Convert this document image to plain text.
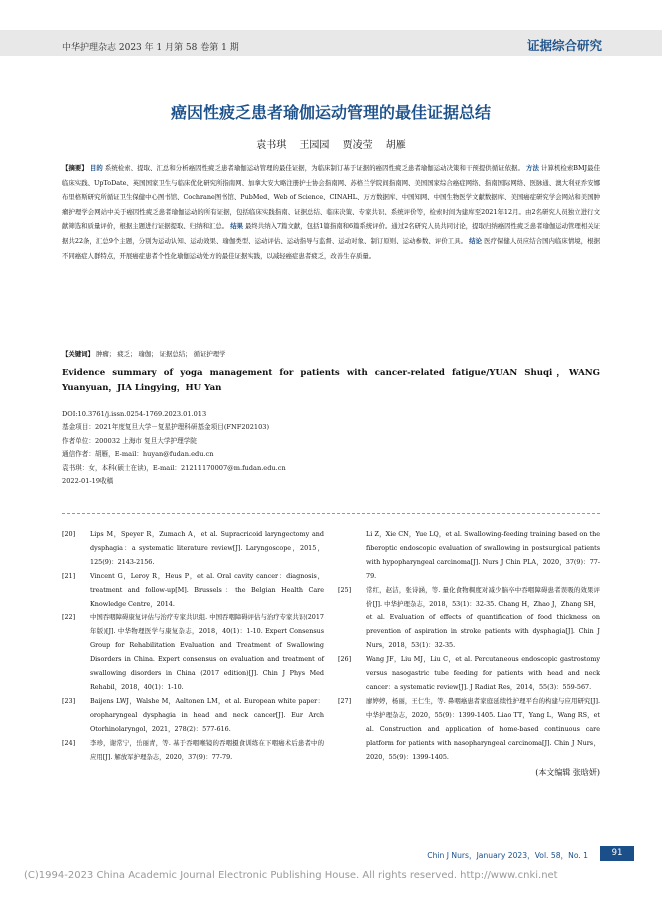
中华护理杂志 2023 年 1 月第 58 卷第 1 期	证据综合研究
癌因性疲乏患者瑜伽运动管理的最佳证据总结
袁书琪 王园园 贾凌莹 胡雁
【摘要】 目的 系统检索、提取、汇总和分析癌因性疲乏患者瑜伽运动管理的最佳证据，为临床制订基于证据的癌因性疲乏患者瑜伽运动决策和干预提供循证依据。 方法 计算机检索BMJ最佳临床实践、UpToDate、英国国家卫生与临床优化研究所指南网、加拿大安大略注册护士协会指南网、苏格兰学院间指南网、美国国家综合癌症网络、指南国际网络、医脉通、澳大利亚乔安娜布里格斯研究所循证卫生保健中心图书馆、Cochrane图书馆、PubMed、Web of Science、CINAHL、万方数据库、中国知网、中国生物医学文献数据库、美国癌症研究学会网站和美国肿瘤护理学会网站中关于癌因性疲乏患者瑜伽运动的所有证据，包括临床实践指南、证据总结、临床决策、专家共识、系统评价等，检索时间为建库至2021年12月。由2名研究人员独立进行文献筛选和质量评价，根据主题进行证据提取、归纳和汇总。 结果 最终共纳入7篇文献，包括1篇指南和6篇系统评价。通过2名研究人员共同讨论，提取归纳癌因性疲乏患者瑜伽运动管理相关证据共22条，汇总9个主题，分别为运动认知、运动效果、瑜伽类型、运动评估、运动指导与监督、运动对象、制订原则、运动参数、评价工具。 结论 医疗保健人员应结合国内临床情境，根据不同癌症人群特点，开展癌症患者个性化瑜伽运动处方的最佳证据实践，以减轻癌症患者疲乏，改善生存质量。
【关键词】 肿瘤； 疲乏； 瑜伽； 证据总结； 循证护理学
Evidence summary of yoga management for patients with cancer-related fatigue/YUAN Shuqi，WANG Yuanyuan，JIA Lingying，HU Yan
DOI:10.3761/j.issn.0254-1769.2023.01.013
基金项目：2021年度复旦大学－复星护理科研基金项目(FNF202103)
作者单位：200032 上海市 复旦大学护理学院
通信作者：胡雁，E-mail：huyan@fudan.edu.cn
袁书琪：女，本科(硕士在读)，E-mail：21211170007@m.fudan.edu.cn
2022-01-19收稿
[20]	Lips M，Speyer R，Zumach A，et al. Supracricoid laryngectomy and dysphagia：a systematic literature review[J]. Laryngoscope，2015，125(9)：2143-2156.
[21]	Vincent G，Leroy R，Heus P，et al. Oral cavity cancer：diagnosis，treatment and follow-up[M]. Brussels：the Belgian Health Care Knowledge Centre，2014.
[22]	中国吞咽障碍康复评估与治疗专家共识组. 中国吞咽障碍评估与治疗专家共识(2017年版)[J]. 中华物理医学与康复杂志，2018，40(1)：1-10. Expert Consensus Group for Rehabilitation Evaluation and Treatment of Swallowing Disorders in China. Expert consensus on evaluation and treatment of swallowing disorders in China (2017 edition)[J]. Chin J Phys Med Rehabil，2018，40(1)：1-10.
[23]	Baijens LWJ，Walshe M，Aaltonen LM，et al. European white paper：oropharyngeal dysphagia in head and neck cancer[J]. Eur Arch Otorhinolaryngol，2021，278(2)：577-616.
[24]	李珍，谢常宁，岳丽青，等. 基于吞咽喉镜的吞咽摄食训练在下咽癌术后患者中的应用[J]. 解放军护理杂志，2020，37(9)：77-79.
Li Z，Xie CN，Yue LQ，et al. Swallowing-feeding training based on the fiberoptic endoscopic evaluation of swallowing in postsurgical patients with hypopharyngeal carcinoma[J]. Nurs J Chin PLA，2020，37(9)：77-79.
[25]	常红，赵洁，张诗涵，等. 量化食物稠度对减少脑卒中吞咽障碍患者误吸的效果评价[J]. 中华护理杂志，2018，53(1)：32-35. Chang H，Zhao J，Zhang SH，et al. Evaluation of effects of quantification of food thickness on prevention of aspiration in stroke patients with dysphagia[J]. Chin J Nurs，2018，53(1)：32-35.
[26]	Wang JF，Liu MJ，Liu C，et al. Percutaneous endoscopic gastrostomy versus nasogastric tube feeding for patients with head and neck cancer：a systematic review[J]. J Radiat Res，2014，55(3)：559-567.
[27]	廖婷婷，杨丽，王仁生，等. 鼻咽癌患者家庭延续性护理平台的构建与应用研究[J]. 中华护理杂志，2020，55(9)：1399-1405. Liao TT，Yang L，Wang RS，et al. Construction and application of home-based continuous care platform for patients with nasopharyngeal carcinoma[J]. Chin J Nurs，2020，55(9)：1399-1405.
(本文编辑 张晗妍)
Chin J Nurs，January 2023，Vol. 58，No. 1	91
(C)1994-2023 China Academic Journal Electronic Publishing House. All rights reserved. http://www.cnki.net
